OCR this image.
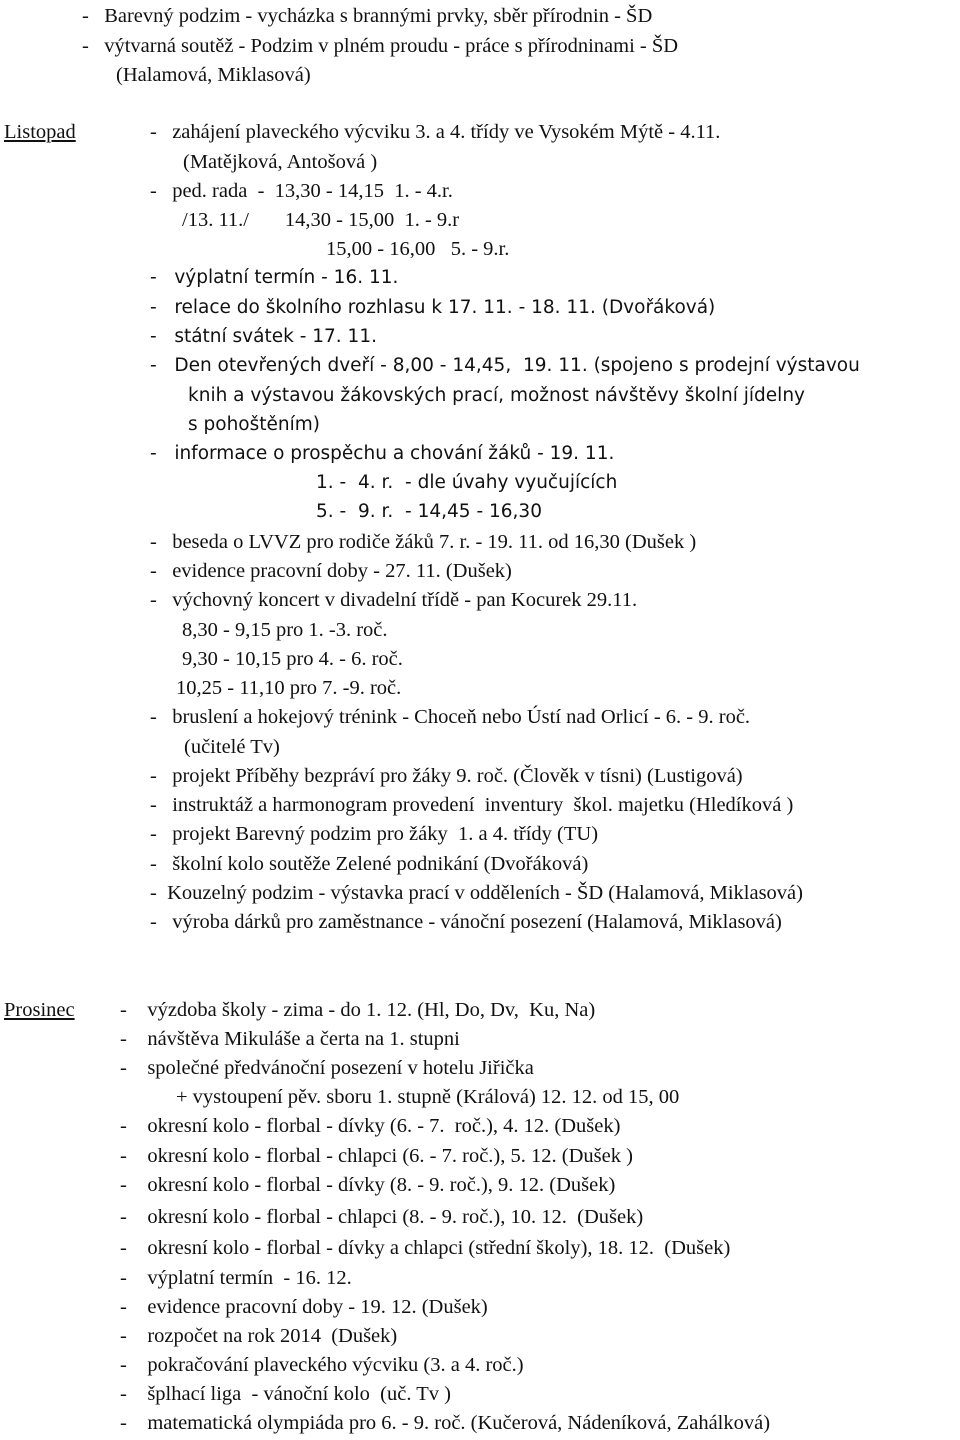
-   Barevný podzim - vycházka s brannými prvky, sběr přírodnin - ŠD
-   výtvarná soutěž - Podzim v plném proudu - práce s přírodninami - ŠD
(Halamová, Miklasová)
Listopad	-   zahájení plaveckého výcviku 3. a 4. třídy ve Vysokém Mýtě - 4.11.
(Matějková, Antošová )
-   ped. rada  -  13,30 - 14,15  1. - 4.r.
/13. 11./       14,30 - 15,00  1. - 9.r
15,00 - 16,00   5. - 9.r.
-   výplatní termín - 16. 11.
-   relace do školního rozhlasu k 17. 11. - 18. 11. (Dvořáková)
-   státní svátek - 17. 11.
-   Den otevřených dveří - 8,00 - 14,45,  19. 11. (spojeno s prodejní výstavou
knih a výstavou žákovských prací, možnost návštěvy školní jídelny
s pohoštěním)
-   informace o prospěchu a chování žáků - 19. 11.
1. -  4. r.  - dle úvahy vyučujících
5. -  9. r.  - 14,45 - 16,30
-   beseda o LVVZ pro rodiče žáků 7. r. - 19. 11. od 16,30 (Dušek )
-   evidence pracovní doby - 27. 11. (Dušek)
-   výchovný koncert v divadelní třídě - pan Kocurek 29.11.
8,30 - 9,15 pro 1. -3. roč.
9,30 - 10,15 pro 4. - 6. roč.
10,25 - 11,10 pro 7. -9. roč.
-   bruslení a hokejový trénink - Choceň nebo Ústí nad Orlicí - 6. - 9. roč.
(učitelé Tv)
-   projekt Příběhy bezpráví pro žáky 9. roč. (Člověk v tísni) (Lustigová)
-   instruktáž a harmonogram provedení  inventury  škol. majetku (Hledíková )
-   projekt Barevný podzim pro žáky  1. a 4. třídy (TU)
-   školní kolo soutěže Zelené podnikání (Dvořáková)
-  Kouzelný podzim - výstavka prací v odděleních - ŠD (Halamová, Miklasová)
-   výroba dárků pro zaměstnance - vánoční posezení (Halamová, Miklasová)
Prosinec	-    výzdoba školy - zima - do 1. 12. (Hl, Do, Dv,  Ku, Na)
-    návštěva Mikuláše a čerta na 1. stupni
-    společné předvánoční posezení v hotelu Jiřička
+ vystoupení pěv. sboru 1. stupně (Králová) 12. 12. od 15, 00
-    okresní kolo - florbal - dívky (6. - 7.  roč.), 4. 12. (Dušek)
-    okresní kolo - florbal - chlapci (6. - 7. roč.), 5. 12. (Dušek )
-    okresní kolo - florbal - dívky (8. - 9. roč.), 9. 12. (Dušek)
-    okresní kolo - florbal - chlapci (8. - 9. roč.), 10. 12.  (Dušek)
-    okresní kolo - florbal - dívky a chlapci (střední školy), 18. 12.  (Dušek)
-    výplatní termín  - 16. 12.
-    evidence pracovní doby - 19. 12. (Dušek)
-    rozpočet na rok 2014  (Dušek)
-    pokračování plaveckého výcviku (3. a 4. roč.)
-    šplhací liga  - vánoční kolo  (uč. Tv )
-    matematická olympiáda pro 6. - 9. roč. (Kučerová, Nádeníková, Zahálková)
